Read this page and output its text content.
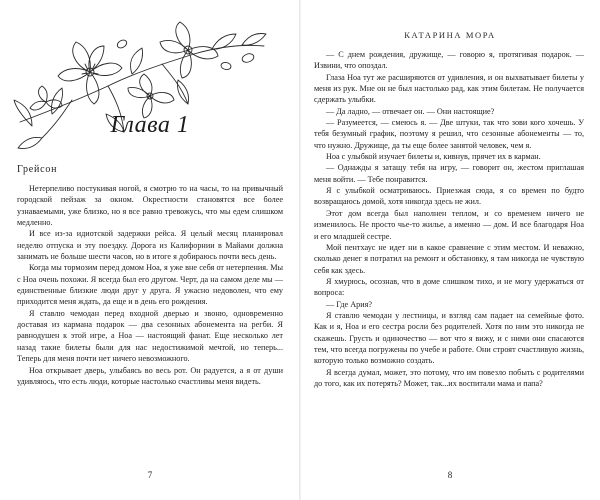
Глава 1
Грейсон

Нетерпеливо постукивая ногой, я смотрю то на часы, то на привычный городской пейзаж за окном. Окрестности становятся все более узнаваемыми, уже близко, но я все равно тревожусь, что мы едем слишком медленно.

И все из-за идиотской задержки рейса. Я целый месяц планировал неделю отпуска и эту поездку. Дорога из Калифорнии в Майами должна занимать не больше шести часов, но в итоге я добираюсь почти весь день.

Когда мы тормозим перед домом Ноа, я уже вне себя от нетерпения. Мы с Ноа очень похожи. Я всегда был его другом. Черт, да на самом деле мы — единственные близкие люди друг у друга. Я ужасно недоволен, что ему приходится меня ждать, да еще и в день его рождения.

Я ставлю чемодан перед входной дверью и звоню, одновременно доставая из кармана подарок — два сезонных абонемента на регби. Я равнодушен к этой игре, а Ноа — настоящий фанат. Еще несколько лет назад такие билеты были для нас недостижимой мечтой, но теперь... Теперь для меня почти нет ничего невозможного.

Ноа открывает дверь, улыбаясь во весь рот. Он радуется, а я от души удивляюсь, что есть люди, которые настолько счастливы меня видеть.

7
КАТАРИНА МОРА

— С днем рождения, дружище, — говорю я, протягивая подарок. — Извини, что опоздал.

Глаза Ноа тут же расширяются от удивления, и он выхватывает билеты у меня из рук. Мне он не был настолько рад, как этим билетам. Не получается сдержать улыбки.

— Да ладно, — отвечает он. — Они настоящие?

— Разумеется, — смеюсь я. — Две штуки, так что зови кого хочешь. У тебя безумный график, поэтому я решил, что сезонные абонементы — то, что нужно. Дружище, да ты еще более занятой человек, чем я.

Ноа с улыбкой изучает билеты и, кивнув, прячет их в карман.

— Однажды я затащу тебя на игру, — говорит он, жестом приглашая меня войти. — Тебе понравится.

Я с улыбкой осматриваюсь. Приезжая сюда, я со времен по будто возвращаюсь домой, хотя никогда здесь не жил.

Этот дом всегда был наполнен теплом, и со временем ничего не изменилось. Не просто чье-то жилье, а именно — дом. И все благодаря Ноа и его младшей сестре.

Мой пентхаус не идет ни в какое сравнение с этим местом. И неважно, сколько денег я потратил на ремонт и обстановку, я там никогда не чувствую себя как здесь.

Я хмурюсь, осознав, что в доме слишком тихо, и не могу удержаться от вопроса:

— Где Ария?

Я ставлю чемодан у лестницы, и взгляд сам падает на семейные фото. Как и я, Ноа и его сестра росли без родителей. Хотя по ним это никогда не скажешь. Грусть и одиночество — вот что я вижу, и с ними они спасаются тем, что всегда погружены по учебе и работе. Они строят счастливую жизнь, которую только возможно создать.

Я всегда думал, может, это потому, что им повезло побыть с родителями до того, как их потерять? Может, так...их воспитали мама и папа?

8
